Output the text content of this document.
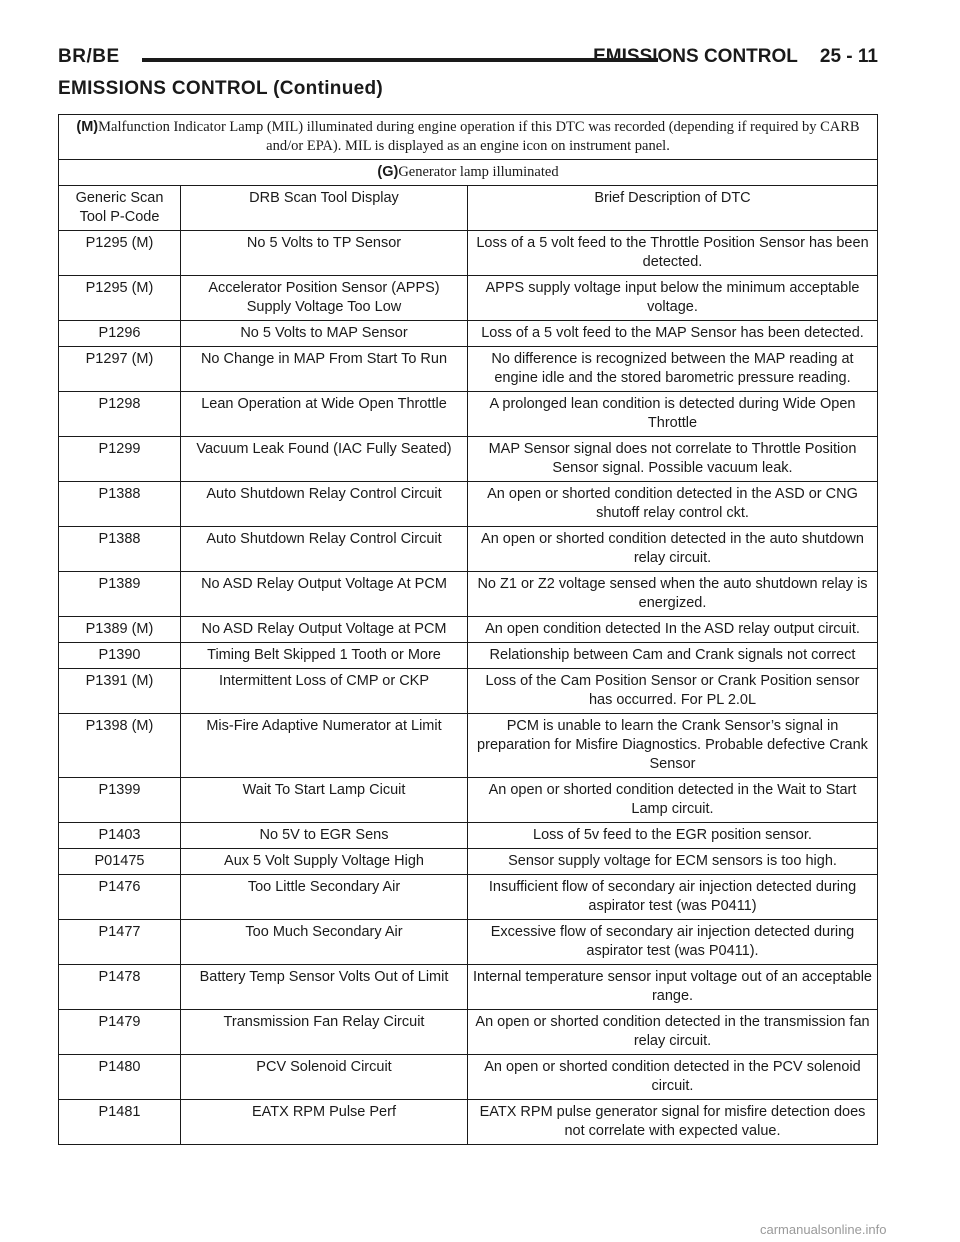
BR/BE	EMISSIONS CONTROL 25 - 11
EMISSIONS CONTROL (Continued)
(M)Malfunction Indicator Lamp (MIL) illuminated during engine operation if this DTC was recorded (depending if required by CARB and/or EPA). MIL is displayed as an engine icon on instrument panel.		
(G)Generator lamp illuminated		
Generic Scan Tool P-Code	DRB Scan Tool Display	Brief Description of DTC
P1295 (M)	No 5 Volts to TP Sensor	Loss of a 5 volt feed to the Throttle Position Sensor has been detected.
P1295 (M)	Accelerator Position Sensor (APPS) Supply Voltage Too Low	APPS supply voltage input below the minimum acceptable voltage.
P1296	No 5 Volts to MAP Sensor	Loss of a 5 volt feed to the MAP Sensor has been detected.
P1297 (M)	No Change in MAP From Start To Run	No difference is recognized between the MAP reading at engine idle and the stored barometric pressure reading.
P1298	Lean Operation at Wide Open Throttle	A prolonged lean condition is detected during Wide Open Throttle
P1299	Vacuum Leak Found (IAC Fully Seated)	MAP Sensor signal does not correlate to Throttle Position Sensor signal. Possible vacuum leak.
P1388	Auto Shutdown Relay Control Circuit	An open or shorted condition detected in the ASD or CNG shutoff relay control ckt.
P1388	Auto Shutdown Relay Control Circuit	An open or shorted condition detected in the auto shutdown relay circuit.
P1389	No ASD Relay Output Voltage At PCM	No Z1 or Z2 voltage sensed when the auto shutdown relay is energized.
P1389 (M)	No ASD Relay Output Voltage at PCM	An open condition detected In the ASD relay output circuit.
P1390	Timing Belt Skipped 1 Tooth or More	Relationship between Cam and Crank signals not correct
P1391 (M)	Intermittent Loss of CMP or CKP	Loss of the Cam Position Sensor or Crank Position sensor has occurred. For PL 2.0L
P1398 (M)	Mis-Fire Adaptive Numerator at Limit	PCM is unable to learn the Crank Sensor’s signal in preparation for Misfire Diagnostics. Probable defective Crank Sensor
P1399	Wait To Start Lamp Cicuit	An open or shorted condition detected in the Wait to Start Lamp circuit.
P1403	No 5V to EGR Sens	Loss of 5v feed to the EGR position sensor.
P01475	Aux 5 Volt Supply Voltage High	Sensor supply voltage for ECM sensors is too high.
P1476	Too Little Secondary Air	Insufficient flow of secondary air injection detected during aspirator test (was P0411)
P1477	Too Much Secondary Air	Excessive flow of secondary air injection detected during aspirator test (was P0411).
P1478	Battery Temp Sensor Volts Out of Limit	Internal temperature sensor input voltage out of an acceptable range.
P1479	Transmission Fan Relay Circuit	An open or shorted condition detected in the transmission fan relay circuit.
P1480	PCV Solenoid Circuit	An open or shorted condition detected in the PCV solenoid circuit.
P1481	EATX RPM Pulse Perf	EATX RPM pulse generator signal for misfire detection does not correlate with expected value.
carmanualsonline.info
